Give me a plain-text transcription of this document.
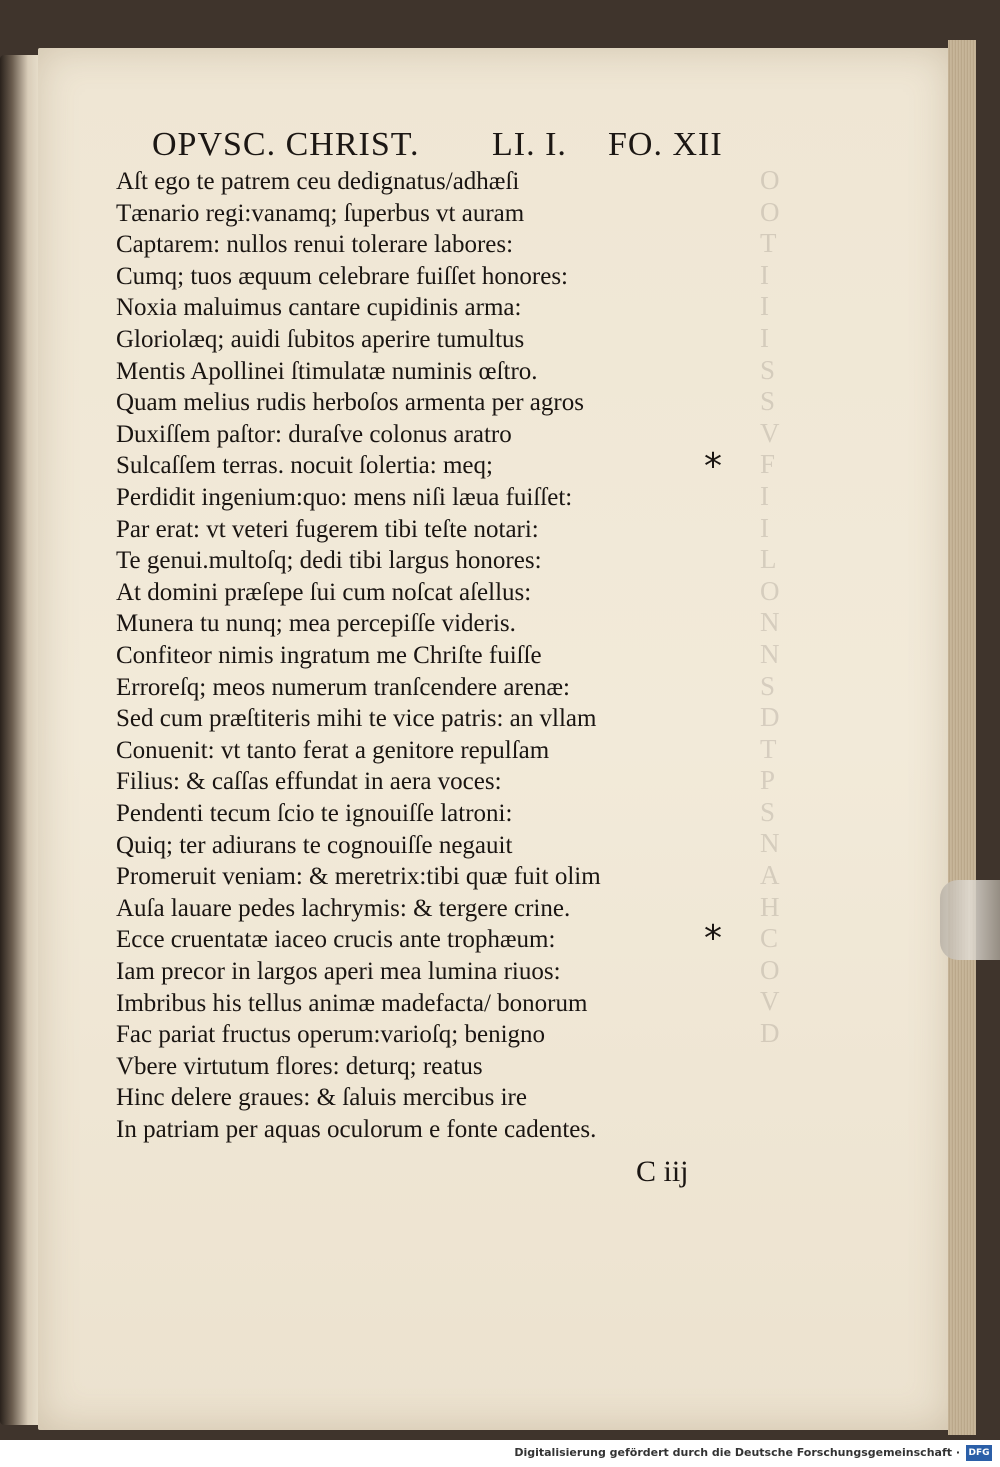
O
O
T
I
I
I
S
S
V
F
I
I
L
O
N
N
S
D
T
P
S
N
A
H
C
O
V
D
OPVSC. CHRIST. LI. I. FO. XII
Aſt ego te patrem ceu dedignatus/adhæſi
Tænario regi:vanamq; ſuperbus vt auram
Captarem: nullos renui tolerare labores:
Cumq; tuos æquum celebrare fuiſſet honores:
Noxia maluimus cantare cupidinis arma:
Gloriolæq; auidi ſubitos aperire tumultus
Mentis Apollinei ſtimulatæ numinis œſtro.
Quam melius rudis herboſos armenta per agros
Duxiſſem paſtor: duraſve colonus aratro
Sulcaſſem terras. nocuit ſolertia: meq;
Perdidit ingenium:quo: mens niſi læua fuiſſet:
Par erat: vt veteri fugerem tibi teſte notari:
Te genui.multoſq; dedi tibi largus honores:
At domini præſepe ſui cum noſcat aſellus:
Munera tu nunq; mea percepiſſe videris.
Confiteor nimis ingratum me Chriſte fuiſſe
Erroreſq; meos numerum tranſcendere arenæ:
Sed cum præſtiteris mihi te vice patris: an vllam
Conuenit: vt tanto ferat a genitore repulſam
Filius: & caſſas effundat in aera voces:
Pendenti tecum ſcio te ignouiſſe latroni:
Quiq; ter adiurans te cognouiſſe negauit
Promeruit veniam: & meretrix:tibi quæ fuit olim
Auſa lauare pedes lachrymis: & tergere crine.
Ecce cruentatæ iaceo crucis ante trophæum:
Iam precor in largos aperi mea lumina riuos:
Imbribus his tellus animæ madefacta/ bonorum
Fac pariat fructus operum:varioſq; benigno
Vbere virtutum flores: deturq; reatus
Hinc delere graues: & ſaluis mercibus ire
In patriam per aquas oculorum e fonte cadentes.
*
*
C iij
Digitalisierung gefördert durch die Deutsche Forschungsgemeinschaft · DFG
